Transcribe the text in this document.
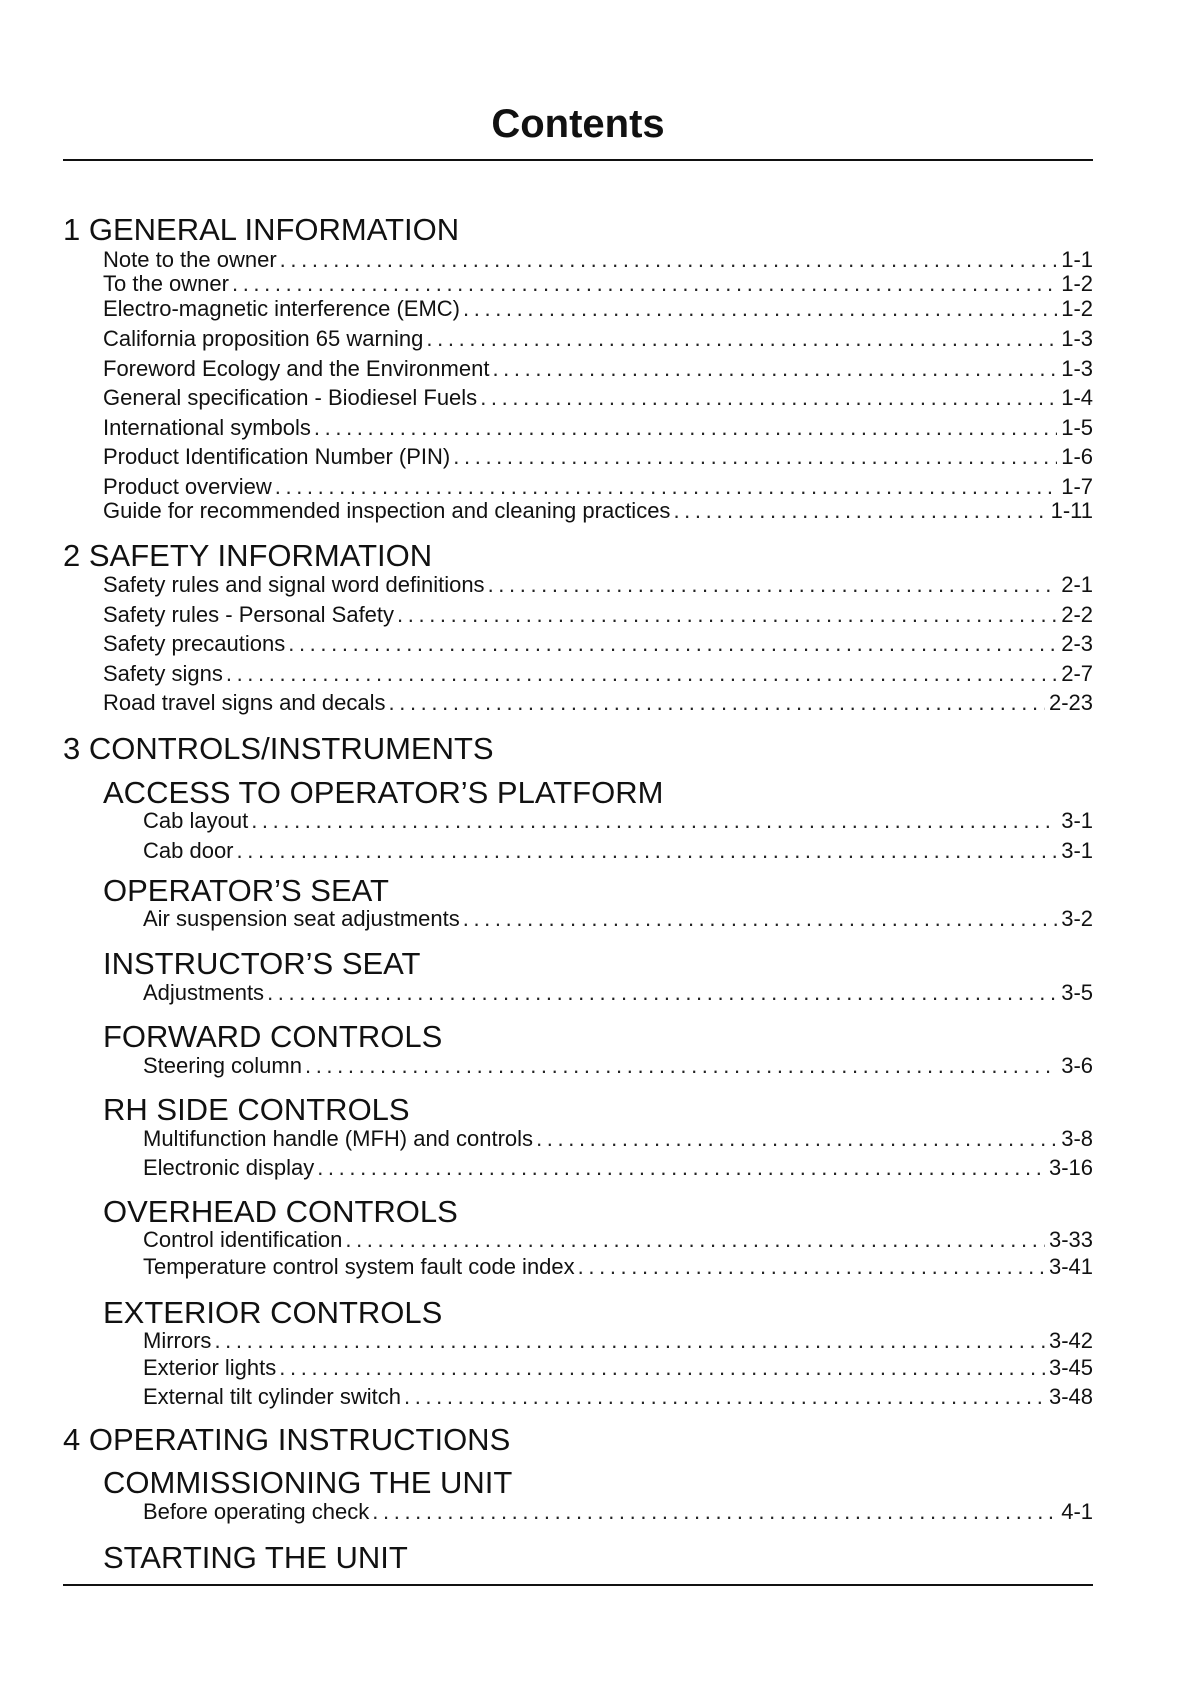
Contents
1 GENERAL INFORMATION
Note to the owner . . .	1-1
To the owner . . .	1-2
Electro-magnetic interference (EMC) . . .	1-2
California proposition 65 warning . . .	1-3
Foreword Ecology and the Environment . . .	1-3
General specification - Biodiesel Fuels . . .	1-4
International symbols . . .	1-5
Product Identification Number (PIN) . . .	1-6
Product overview . . .	1-7
Guide for recommended inspection and cleaning practices . . .	1-11
2 SAFETY INFORMATION
Safety rules and signal word definitions . . .	2-1
Safety rules - Personal Safety . . .	2-2
Safety precautions . . .	2-3
Safety signs . . .	2-7
Road travel signs and decals . . .	2-23
3 CONTROLS/INSTRUMENTS
ACCESS TO OPERATOR’S PLATFORM
Cab layout . . .	3-1
Cab door . . .	3-1
OPERATOR’S SEAT
Air suspension seat adjustments . . .	3-2
INSTRUCTOR’S SEAT
Adjustments . . .	3-5
FORWARD CONTROLS
Steering column . . .	3-6
RH SIDE CONTROLS
Multifunction handle (MFH) and controls . . .	3-8
Electronic display . . .	3-16
OVERHEAD CONTROLS
Control identification . . .	3-33
Temperature control system fault code index . . .	3-41
EXTERIOR CONTROLS
Mirrors . . .	3-42
Exterior lights . . .	3-45
External tilt cylinder switch . . .	3-48
4 OPERATING INSTRUCTIONS
COMMISSIONING THE UNIT
Before operating check . . .	4-1
STARTING THE UNIT
